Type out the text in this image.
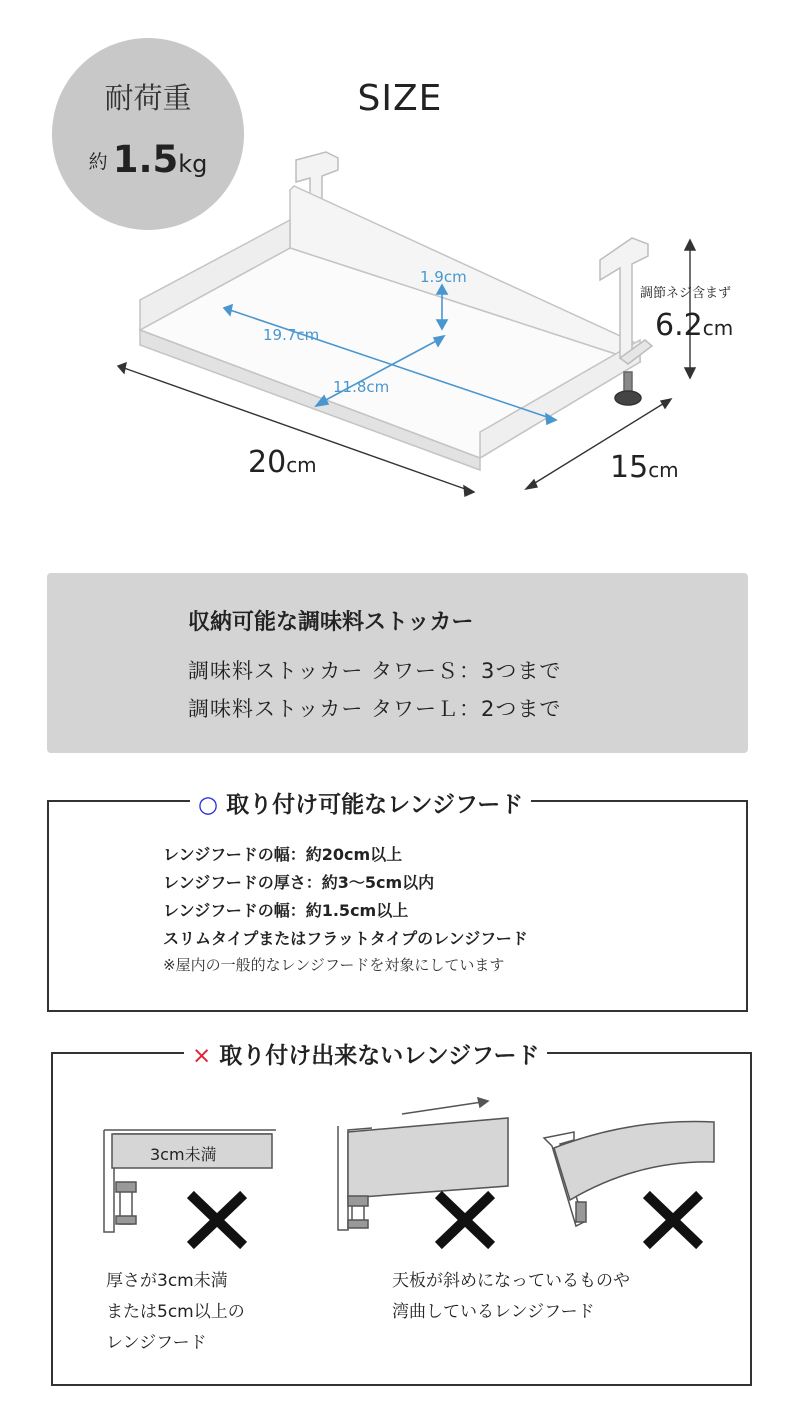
耐荷重
約 1.5kg
SIZE
1.9cm
19.7cm
11.8cm
調節ネジ含まず
6.2cm
20cm	15cm
収納可能な調味料ストッカー
調味料ストッカー タワーＳ：3つまで
調味料ストッカー タワーＬ：2つまで
○ 取り付け可能なレンジフード
レンジフードの幅：約20cm以上
レンジフードの厚さ：約3〜5cm以内
レンジフードの幅：約1.5cm以上
スリムタイプまたはフラットタイプのレンジフード
※屋内の一般的なレンジフードを対象にしています
× 取り付け出来ないレンジフード
3cm未満
厚さが3cm未満
または5cm以上の
レンジフード
天板が斜めになっているものや
湾曲しているレンジフード
